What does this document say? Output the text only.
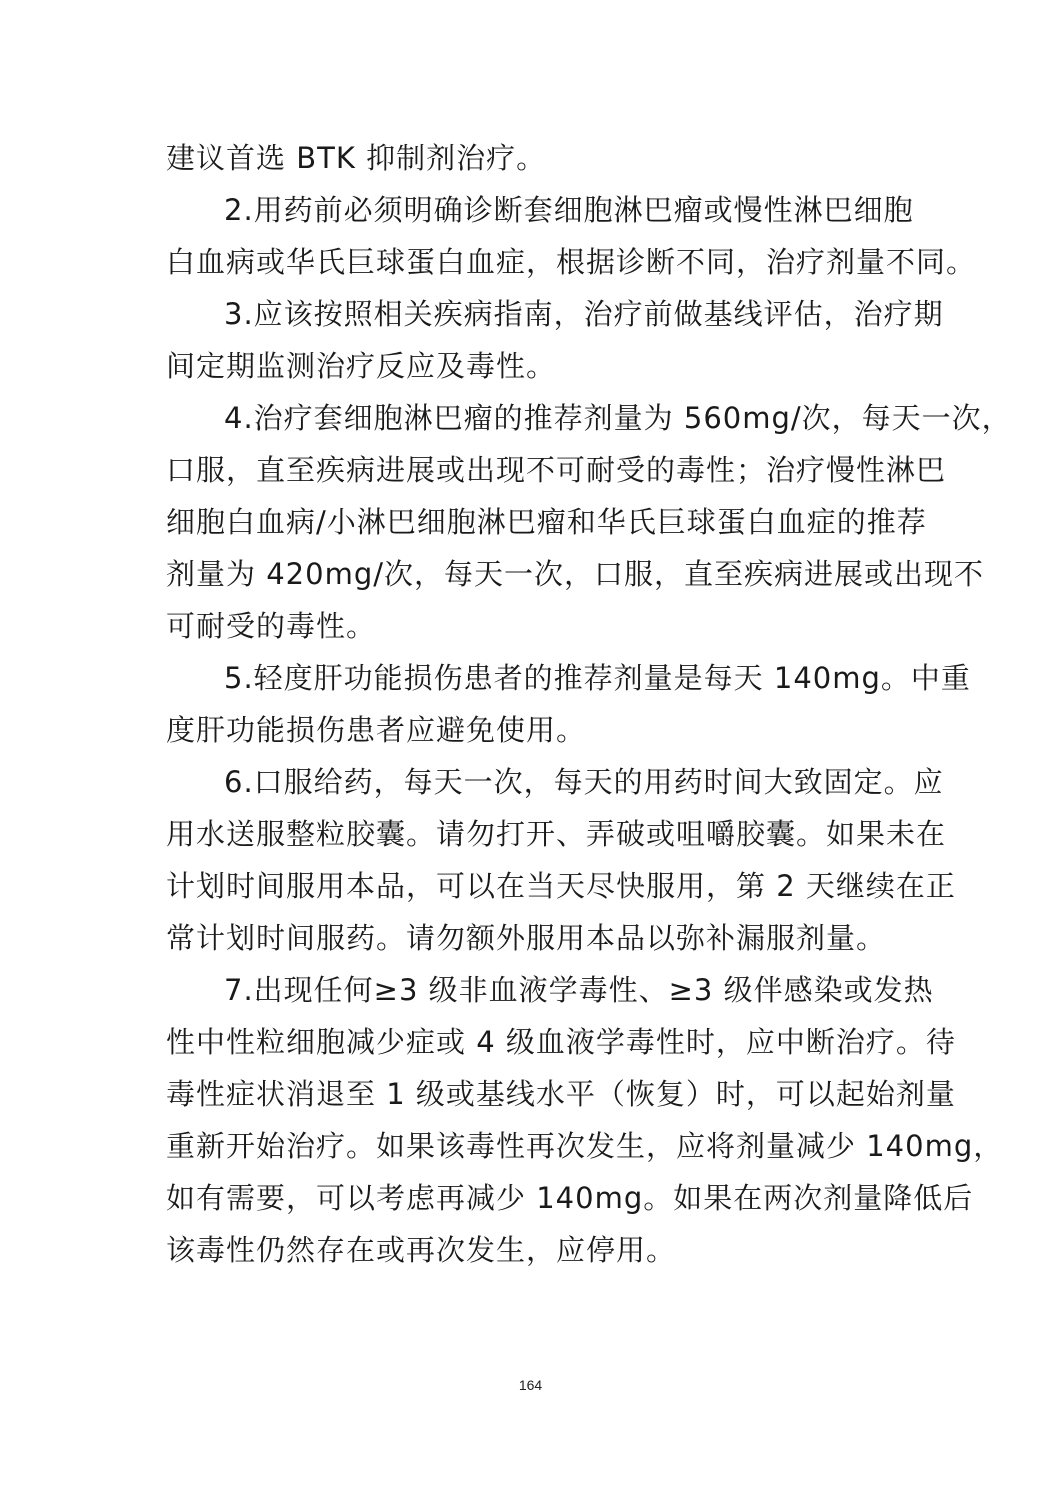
建议首选 BTK 抑制剂治疗。
2.用药前必须明确诊断套细胞淋巴瘤或慢性淋巴细胞
白血病或华氏巨球蛋白血症，根据诊断不同，治疗剂量不同。
3.应该按照相关疾病指南，治疗前做基线评估，治疗期
间定期监测治疗反应及毒性。
4.治疗套细胞淋巴瘤的推荐剂量为 560mg/次，每天一次，
口服，直至疾病进展或出现不可耐受的毒性；治疗慢性淋巴
细胞白血病/小淋巴细胞淋巴瘤和华氏巨球蛋白血症的推荐
剂量为 420mg/次，每天一次，口服，直至疾病进展或出现不
可耐受的毒性。
5.轻度肝功能损伤患者的推荐剂量是每天 140mg。中重
度肝功能损伤患者应避免使用。
6.口服给药，每天一次，每天的用药时间大致固定。应
用水送服整粒胶囊。请勿打开、弄破或咀嚼胶囊。如果未在
计划时间服用本品，可以在当天尽快服用，第 2 天继续在正
常计划时间服药。请勿额外服用本品以弥补漏服剂量。
7.出现任何≥3 级非血液学毒性、≥3 级伴感染或发热
性中性粒细胞减少症或 4 级血液学毒性时，应中断治疗。待
毒性症状消退至 1 级或基线水平（恢复）时，可以起始剂量
重新开始治疗。如果该毒性再次发生，应将剂量减少 140mg，
如有需要，可以考虑再减少 140mg。如果在两次剂量降低后
该毒性仍然存在或再次发生，应停用。
164
